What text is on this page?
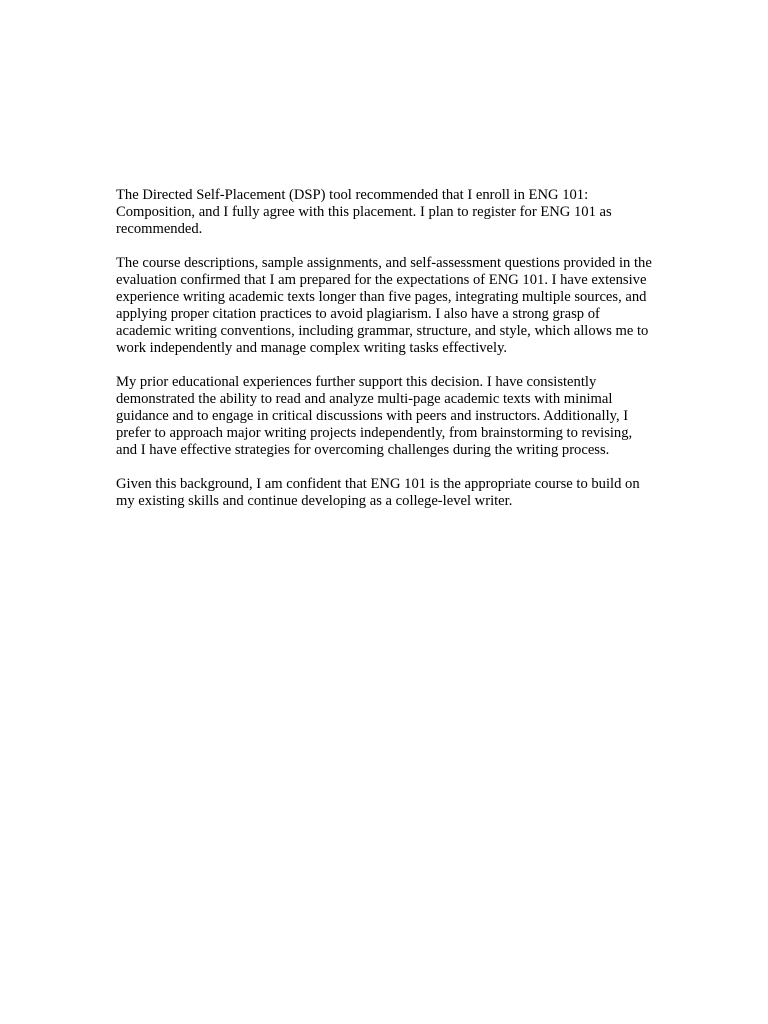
The Directed Self-Placement (DSP) tool recommended that I enroll in ENG 101: Composition, and I fully agree with this placement. I plan to register for ENG 101 as recommended.

The course descriptions, sample assignments, and self-assessment questions provided in the evaluation confirmed that I am prepared for the expectations of ENG 101. I have extensive experience writing academic texts longer than five pages, integrating multiple sources, and applying proper citation practices to avoid plagiarism. I also have a strong grasp of academic writing conventions, including grammar, structure, and style, which allows me to work independently and manage complex writing tasks effectively.

My prior educational experiences further support this decision. I have consistently demonstrated the ability to read and analyze multi-page academic texts with minimal guidance and to engage in critical discussions with peers and instructors. Additionally, I prefer to approach major writing projects independently, from brainstorming to revising, and I have effective strategies for overcoming challenges during the writing process.

Given this background, I am confident that ENG 101 is the appropriate course to build on my existing skills and continue developing as a college-level writer.
